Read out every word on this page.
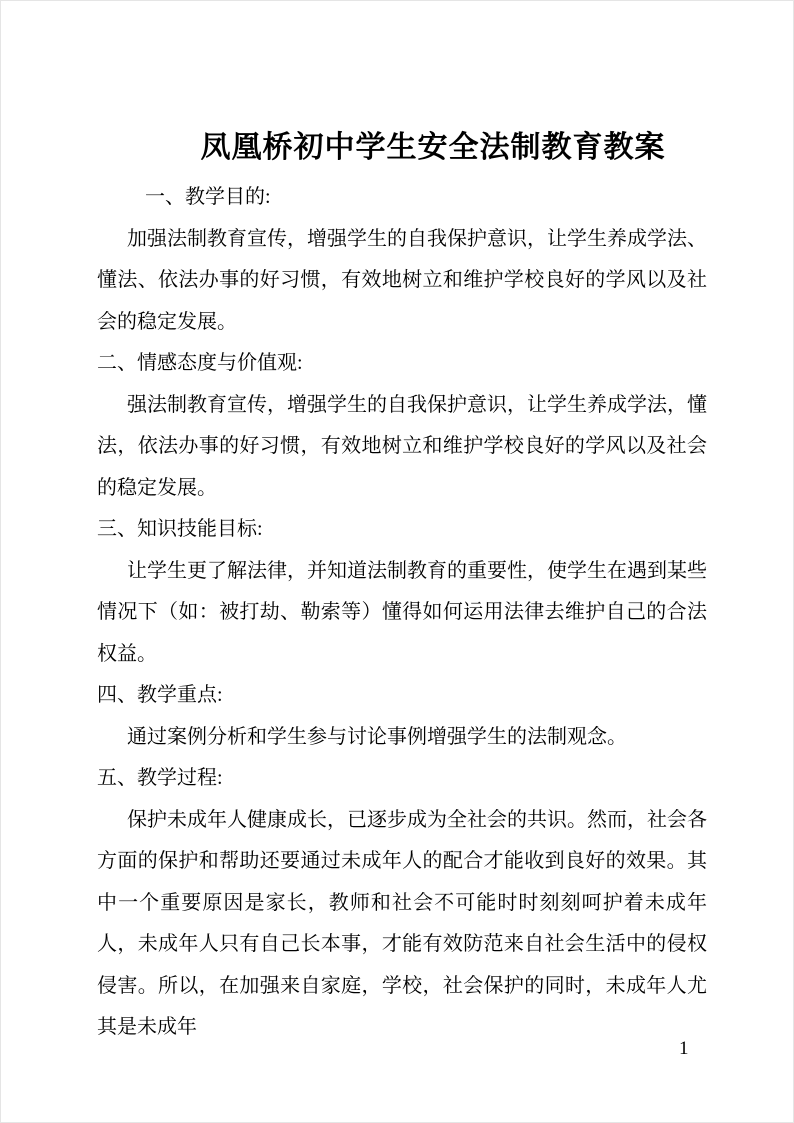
凤凰桥初中学生安全法制教育教案

一、教学目的:

加强法制教育宣传，增强学生的自我保护意识，让学生养成学法、懂法、依法办事的好习惯，有效地树立和维护学校良好的学风以及社会的稳定发展。

二、情感态度与价值观:

强法制教育宣传，增强学生的自我保护意识，让学生养成学法，懂法，依法办事的好习惯，有效地树立和维护学校良好的学风以及社会的稳定发展。

三、知识技能目标:

让学生更了解法律，并知道法制教育的重要性，使学生在遇到某些情况下（如：被打劫、勒索等）懂得如何运用法律去维护自己的合法权益。

四、教学重点:

通过案例分析和学生参与讨论事例增强学生的法制观念。

五、教学过程:

保护未成年人健康成长，已逐步成为全社会的共识。然而，社会各方面的保护和帮助还要通过未成年人的配合才能收到良好的效果。其中一个重要原因是家长，教师和社会不可能时时刻刻呵护着未成年人，未成年人只有自己长本事，才能有效防范来自社会生活中的侵权侵害。所以，在加强来自家庭，学校，社会保护的同时，未成年人尤其是未成年

1
